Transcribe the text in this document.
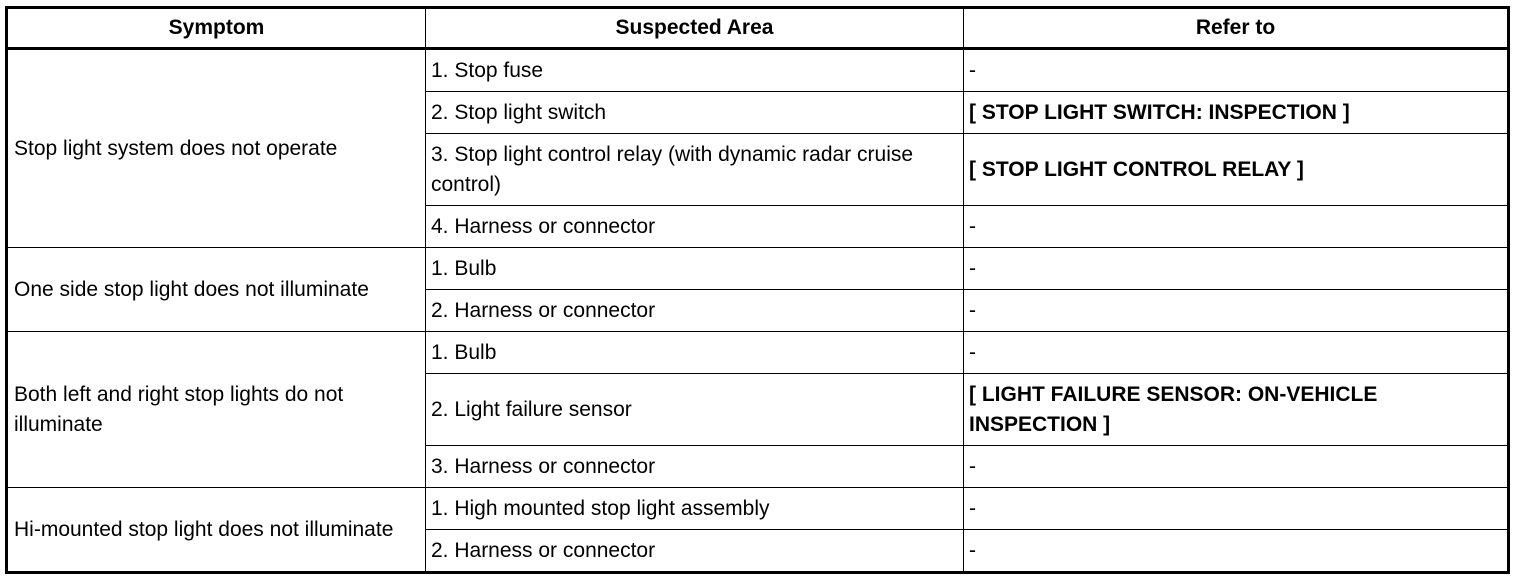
Symptom	Suspected Area	Refer to
Stop light system does not operate	1. Stop fuse	-
	2. Stop light switch	[ STOP LIGHT SWITCH: INSPECTION ]
	3. Stop light control relay (with dynamic radar cruise control)	[ STOP LIGHT CONTROL RELAY ]
	4. Harness or connector	-
One side stop light does not illuminate	1. Bulb	-
	2. Harness or connector	-
Both left and right stop lights do not illuminate	1. Bulb	-
	2. Light failure sensor	[ LIGHT FAILURE SENSOR: ON-VEHICLE INSPECTION ]
	3. Harness or connector	-
Hi-mounted stop light does not illuminate	1. High mounted stop light assembly	-
	2. Harness or connector	-
